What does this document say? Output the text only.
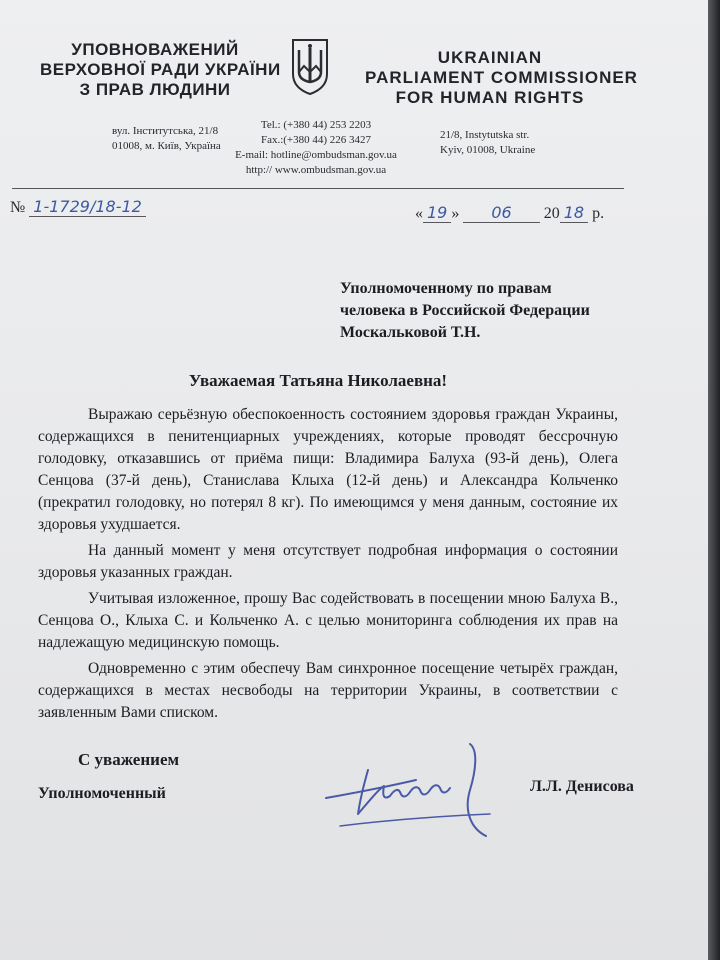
УПОВНОВАЖЕНИЙ
ВЕРХОВНОЇ РАДИ УКРАЇНИ
З ПРАВ ЛЮДИНИ
UKRAINIAN
PARLIAMENT COMMISSIONER
FOR HUMAN RIGHTS
вул. Інститутська, 21/8
01008, м. Київ, Україна
Tel.: (+380 44) 253 2203
Fax.:(+380 44) 226 3427
E-mail: hotline@ombudsman.gov.ua
http:// www.ombudsman.gov.ua
21/8, Instytutska str.
Kyiv, 01008, Ukraine
№ 1-1729/18-12	« 19 » 06 20 18 р.
Уполномоченному по правам
человека в Российской Федерации
Москальковой Т.Н.
Уважаемая Татьяна Николаевна!

Выражаю серьёзную обеспокоенность состоянием здоровья граждан Украины, содержащихся в пенитенциарных учреждениях, которые проводят бессрочную голодовку, отказавшись от приёма пищи: Владимира Балуха (93-й день), Олега Сенцова (37-й день), Станислава Клыха (12-й день) и Александра Кольченко (прекратил голодовку, но потерял 8 кг). По имеющимся у меня данным, состояние их здоровья ухудшается.

На данный момент у меня отсутствует подробная информация о состоянии здоровья указанных граждан.

Учитывая изложенное, прошу Вас содействовать в посещении мною Балуха В., Сенцова О., Клыха С. и Кольченко А. с целью мониторинга соблюдения их прав на надлежащую медицинскую помощь.

Одновременно с этим обеспечу Вам синхронное посещение четырёх граждан, содержащихся в местах несвободы на территории Украины, в соответствии с заявленным Вами списком.

С уважением
Уполномоченный	Л.Л. Денисова
